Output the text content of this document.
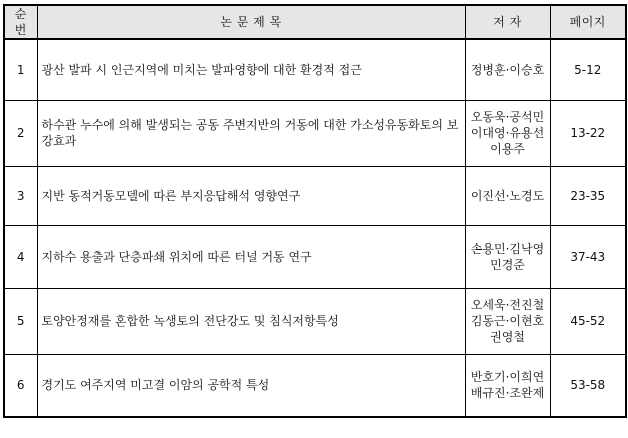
순번	논 문 제 목	저 자	페이지
1	광산 발파 시 인근지역에 미치는 발파영향에 대한 환경적 접근	정병훈·이승호	5-12
2	하수관 누수에 의해 발생되는 공동 주변지반의 거동에 대한 가소성유동화토의 보강효과	오동욱·공석민
이대영·유용선
이용주	13-22
3	지반 동적거동모델에 따른 부지응답해석 영향연구	이진선·노경도	23-35
4	지하수 용출과 단층파쇄 위치에 따른 터널 거동 연구	손용민·김낙영
민경준	37-43
5	토양안정재를 혼합한 녹생토의 전단강도 및 침식저항특성	오세욱·전진철
김동근·이현호
권영철	45-52
6	경기도 여주지역 미고결 이암의 공학적 특성	반호기·이희연
배규진·조완제	53-58
